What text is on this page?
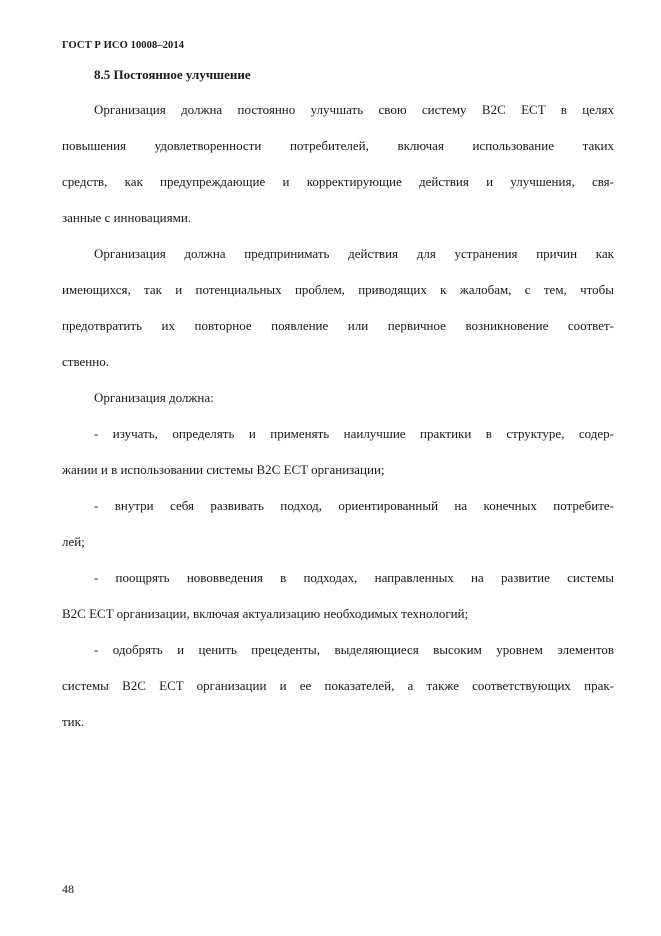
ГОСТ Р ИСО 10008–2014
8.5 Постоянное улучшение
Организация должна постоянно улучшать свою систему B2C ECT в целях
повышения удовлетворенности потребителей, включая использование таких
средств, как предупреждающие и корректирующие действия и улучшения, свя-
занные с инновациями.
Организация должна предпринимать действия для устранения причин как
имеющихся, так и потенциальных проблем, приводящих к жалобам, с тем, чтобы
предотвратить их повторное появление или первичное возникновение соответ-
ственно.
Организация должна:
- изучать, определять и применять наилучшие практики в структуре, содер-
жании и в использовании системы B2C ECT организации;
- внутри себя развивать подход, ориентированный на конечных потребите-
лей;
- поощрять нововведения в подходах, направленных на развитие системы
B2C ECT организации, включая актуализацию необходимых технологий;
- одобрять и ценить прецеденты, выделяющиеся высоким уровнем элементов
системы B2C ECT организации и ее показателей, а также соответствующих прак-
тик.
48
